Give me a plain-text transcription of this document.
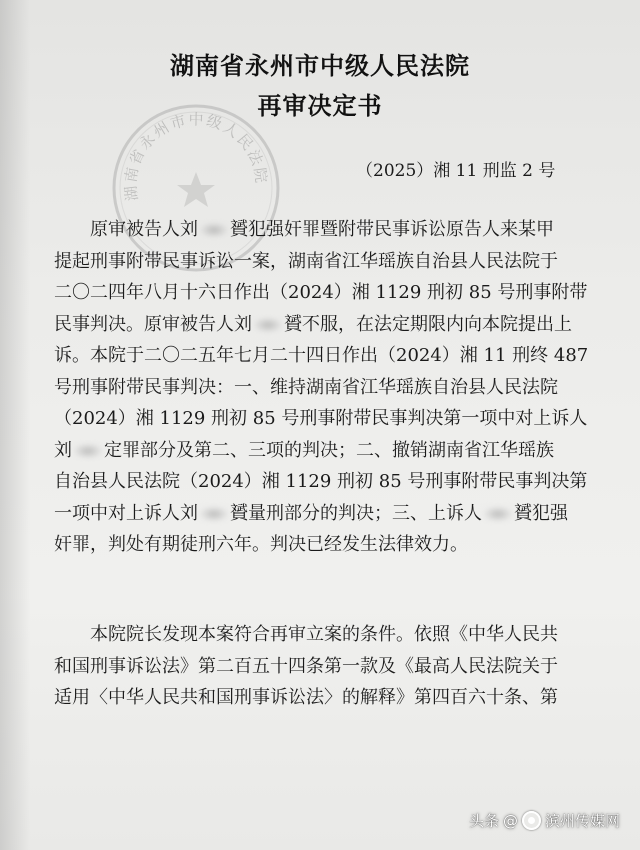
湖南省永州市中级人民法院
再审决定书
湖南省永州市中级人民法院	（2025）湘 11 刑监 2 号
原审被告人刘 贇犯强奸罪暨附带民事诉讼原告人来某甲
提起刑事附带民事诉讼一案，湖南省江华瑶族自治县人民法院于
二〇二四年八月十六日作出（2024）湘 1129 刑初 85 号刑事附带
民事判决。原审被告人刘 贇不服，在法定期限内向本院提出上
诉。本院于二〇二五年七月二十四日作出（2024）湘 11 刑终 487
号刑事附带民事判决：一、维持湖南省江华瑶族自治县人民法院
（2024）湘 1129 刑初 85 号刑事附带民事判决第一项中对上诉人
刘 定罪部分及第二、三项的判决；二、撤销湖南省江华瑶族
自治县人民法院（2024）湘 1129 刑初 85 号刑事附带民事判决第
一项中对上诉人刘 贇量刑部分的判决；三、上诉人 贇犯强
奸罪，判处有期徒刑六年。判决已经发生法律效力。
本院院长发现本案符合再审立案的条件。依照《中华人民共
和国刑事诉讼法》第二百五十四条第一款及《最高人民法院关于
适用〈中华人民共和国刑事诉讼法〉的解释》第四百六十条、第
头条 @ 滨州传媒网
